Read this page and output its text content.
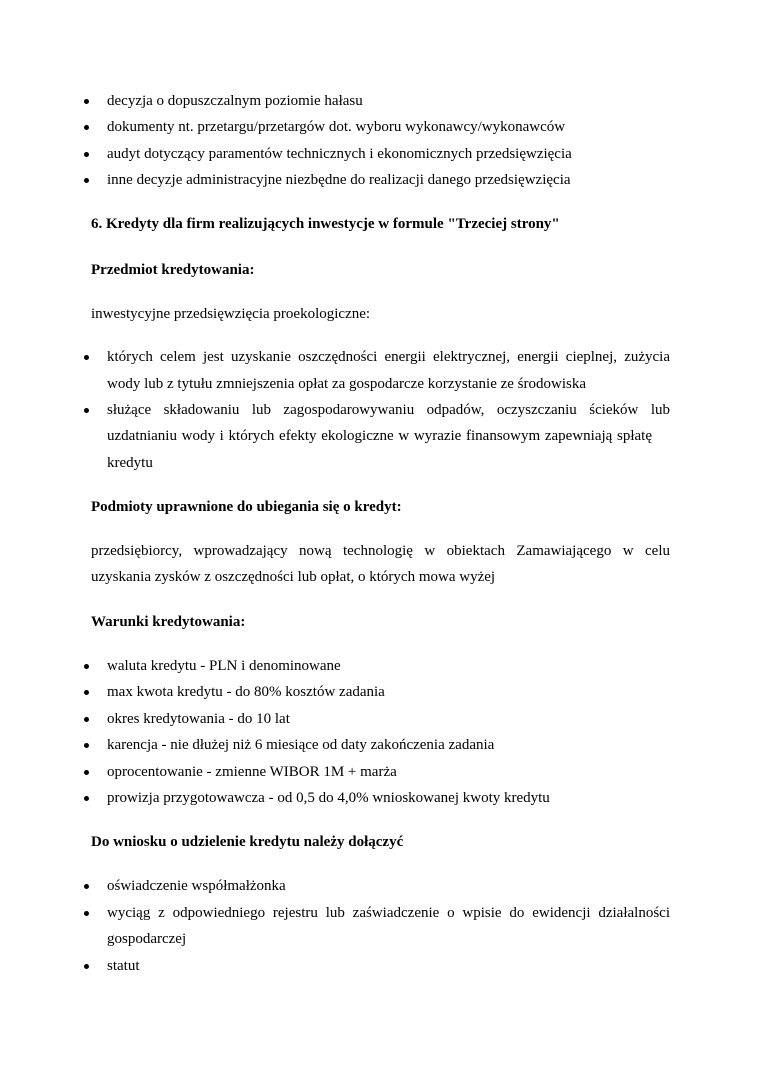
decyzja o dopuszczalnym poziomie hałasu
dokumenty nt. przetargu/przetargów dot. wyboru wykonawcy/wykonawców
audyt dotyczący paramentów technicznych i ekonomicznych przedsięwzięcia
inne decyzje administracyjne niezbędne do realizacji danego przedsięwzięcia
6. Kredyty dla firm realizujących inwestycje w formule "Trzeciej strony"
Przedmiot kredytowania:
inwestycyjne przedsięwzięcia proekologiczne:
których celem jest uzyskanie oszczędności energii elektrycznej, energii cieplnej, zużycia
wody lub z tytułu zmniejszenia opłat za gospodarcze korzystanie ze środowiska
służące składowaniu lub zagospodarowywaniu odpadów, oczyszczaniu ścieków lub
uzdatnianiu wody i których efekty ekologiczne w wyrazie finansowym zapewniają spłatę
kredytu
Podmioty uprawnione do ubiegania się o kredyt:
przedsiębiorcy, wprowadzający nową technologię w obiektach Zamawiającego w celu
uzyskania zysków z oszczędności lub opłat, o których mowa wyżej
Warunki kredytowania:
waluta kredytu - PLN i denominowane
max kwota kredytu - do 80% kosztów zadania
okres kredytowania - do 10 lat
karencja - nie dłużej niż 6 miesiące od daty zakończenia zadania
oprocentowanie - zmienne WIBOR 1M + marża
prowizja przygotowawcza - od 0,5 do 4,0% wnioskowanej kwoty kredytu
Do wniosku o udzielenie kredytu należy dołączyć
oświadczenie współmałżonka
wyciąg z odpowiedniego rejestru lub zaświadczenie o wpisie do ewidencji działalności
gospodarczej
statut
